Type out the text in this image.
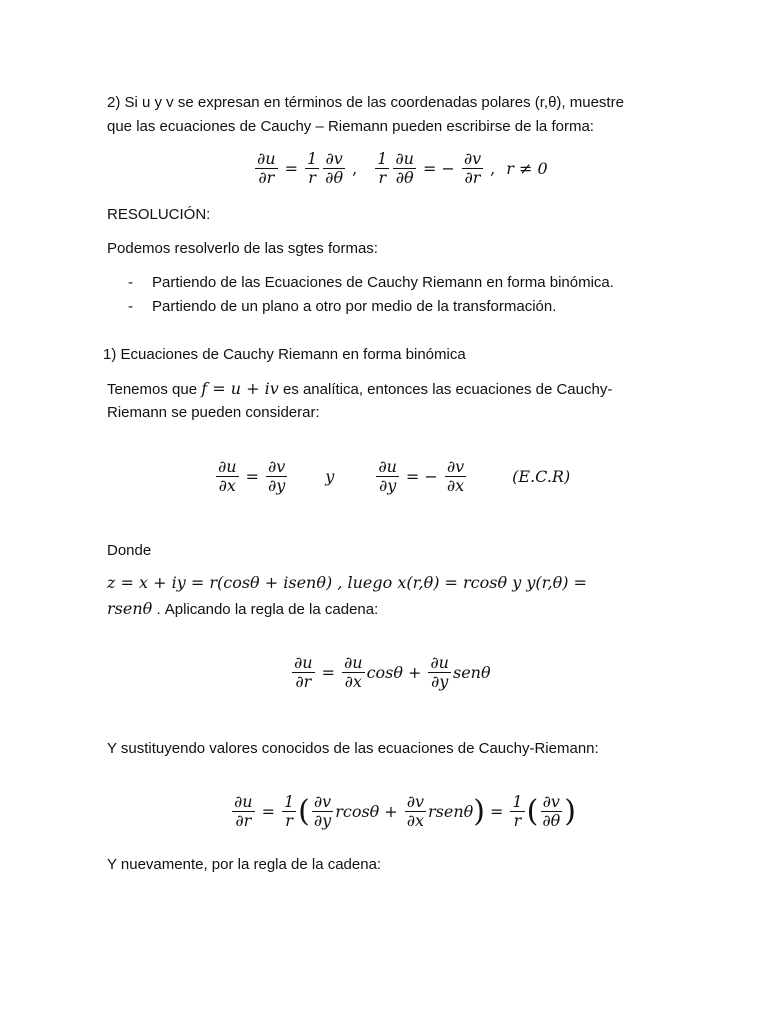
2) Si u y v se expresan en términos de las coordenadas polares (r,θ), muestre
que las ecuaciones de Cauchy – Riemann pueden escribirse de la forma:
$\frac{\partial u}{\partial r} = \frac{1}{r} \frac{\partial v}{\partial\theta}$ , $\frac{1}{r} \frac{\partial u}{\partial\theta}$ = − $\frac{\partial v}{\partial r}$ , r ≠ 0
RESOLUCIÓN:
Podemos resolverlo de las sgtes formas:
- Partiendo de las Ecuaciones de Cauchy Riemann en forma binómica.
- Partiendo de un plano a otro por medio de la transformación.
1) Ecuaciones de Cauchy Riemann en forma binómica
Tenemos que f = u + iv es analítica, entonces las ecuaciones de Cauchy-
Riemann se pueden considerar:
$\frac{\partial u}{\partial x} = \frac{\partial v}{\partial y}$ y	$\frac{\partial u}{\partial y}$ = − $\frac{\partial v}{\partial x}$	(E.C.R)
Donde
z = x + iy = r(cosθ + isenθ) , luego x(r,θ) = rcosθ y y(r,θ) =
rsenθ . Aplicando la regla de la cadena:
$\frac{\partial u}{\partial r} = \frac{\partial u}{\partial x}$ $\cos\theta + \frac{\partial u}{\partial y}$ senθ
Y sustituyendo valores conocidos de las ecuaciones de Cauchy-Riemann:
$\frac{\partial u}{\partial r} = \frac{1}{r}$ ( $\frac{\partial v}{\partial y}$ $rcos\theta + \frac{\partial v}{\partial x}$ rsenθ ) = $\frac{1}{r}$ ( $\frac{\partial v}{\partial\theta}$ )
Y nuevamente, por la regla de la cadena:
